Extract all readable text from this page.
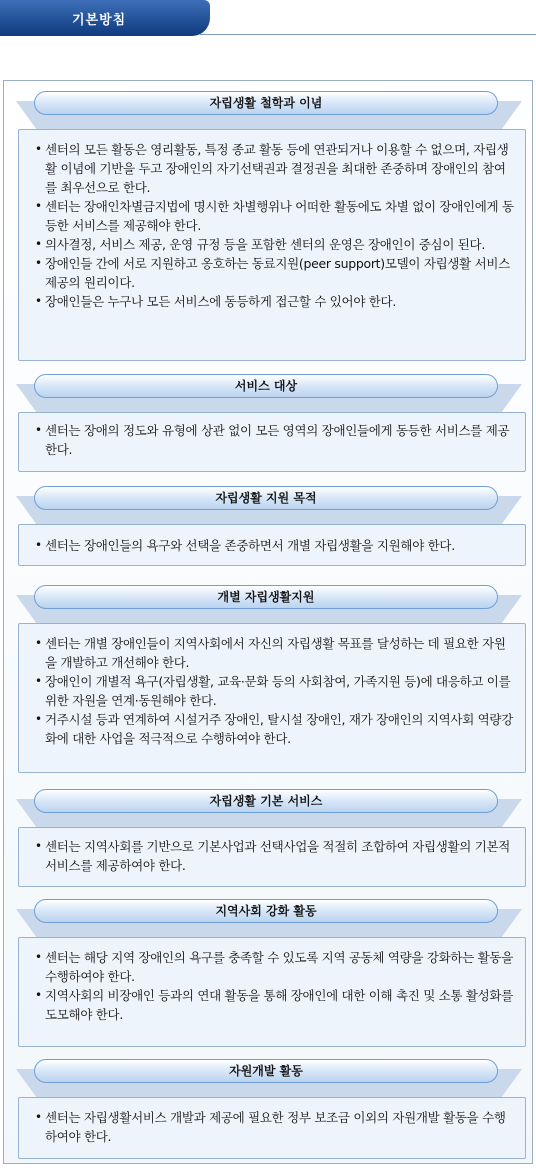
기본방침
자립생활 철학과 이념
• 센터의 모든 활동은 영리활동, 특정 종교 활동 등에 연관되거나 이용할 수 없으며, 자립생활 이념에 기반을 두고 장애인의 자기선택권과 결정권을 최대한 존중하며 장애인의 참여를 최우선으로 한다.
• 센터는 장애인차별금지법에 명시한 차별행위나 어떠한 활동에도 차별 없이 장애인에게 동등한 서비스를 제공해야 한다.
• 의사결정, 서비스 제공, 운영 규정 등을 포함한 센터의 운영은 장애인이 중심이 된다.
• 장애인들 간에 서로 지원하고 옹호하는 동료지원(peer support)모델이 자립생활 서비스 제공의 원리이다.
• 장애인들은 누구나 모든 서비스에 동등하게 접근할 수 있어야 한다.
서비스 대상
• 센터는 장애의 정도와 유형에 상관 없이 모든 영역의 장애인들에게 동등한 서비스를 제공한다.
자립생활 지원 목적
• 센터는 장애인들의 욕구와 선택을 존중하면서 개별 자립생활을 지원해야 한다.
개별 자립생활지원
• 센터는 개별 장애인들이 지역사회에서 자신의 자립생활 목표를 달성하는 데 필요한 자원을 개발하고 개선해야 한다.
• 장애인이 개별적 욕구(자립생활, 교육·문화 등의 사회참여, 가족지원 등)에 대응하고 이를 위한 자원을 연계·동원해야 한다.
• 거주시설 등과 연계하여 시설거주 장애인, 탈시설 장애인, 재가 장애인의 지역사회 역량강화에 대한 사업을 적극적으로 수행하여야 한다.
자립생활 기본 서비스
• 센터는 지역사회를 기반으로 기본사업과 선택사업을 적절히 조합하여 자립생활의 기본적 서비스를 제공하여야 한다.
지역사회 강화 활동
• 센터는 해당 지역 장애인의 욕구를 충족할 수 있도록 지역 공동체 역량을 강화하는 활동을 수행하여야 한다.
• 지역사회의 비장애인 등과의 연대 활동을 통해 장애인에 대한 이해 촉진 및 소통 활성화를 도모해야 한다.
자원개발 활동
• 센터는 자립생활서비스 개발과 제공에 필요한 정부 보조금 이외의 자원개발 활동을 수행하여야 한다.
